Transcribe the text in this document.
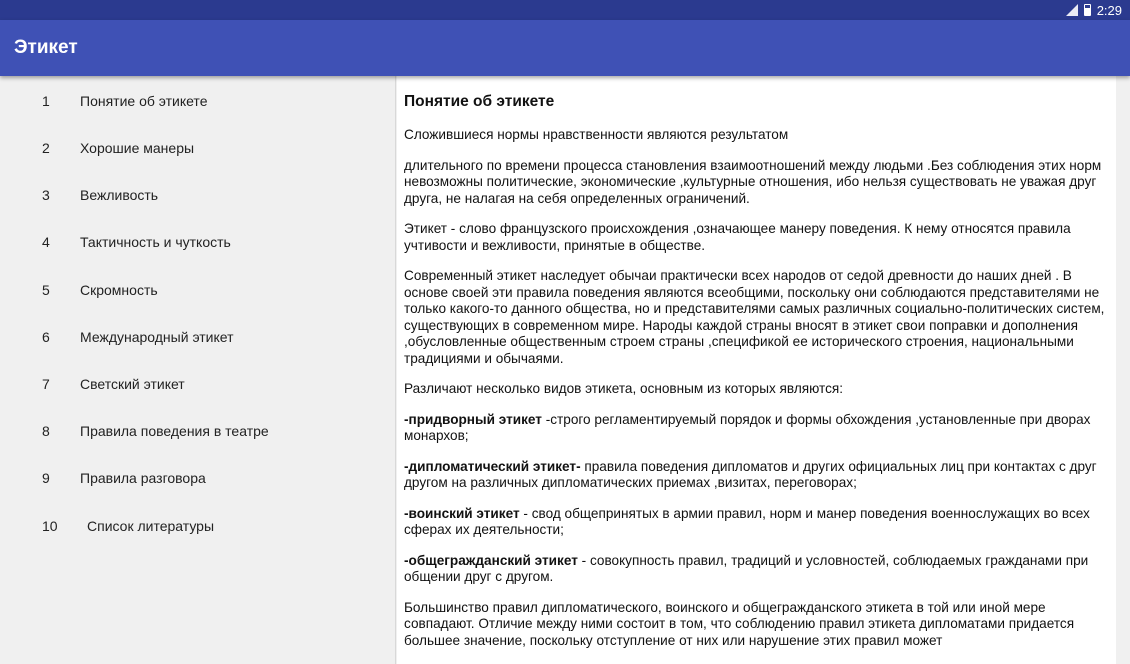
2:29
Этикет
1 Понятие об этикете
2 Хорошие манеры
3 Вежливость
4 Тактичность и чуткость
5 Скромность
6 Международный этикет
7 Светский этикет
8 Правила поведения в театре
9 Правила разговора
10 Список литературы
Понятие об этикете

Сложившиеся нормы нравственности являются результатом

длительного по времени процесса становления взаимоотношений между людьми .Без соблюдения этих норм невозможны политические, экономические ,культурные отношения, ибо нельзя существовать не уважая друг друга, не налагая на себя определенных ограничений.

Этикет - слово французского происхождения ,означающее манеру поведения. К нему относятся правила учтивости и вежливости, принятые в обществе.

Современный этикет наследует обычаи практически всех народов от седой древности до наших дней . В основе своей эти правила поведения являются всеобщими, поскольку они соблюдаются представителями не только какого-то данного общества, но и представителями самых различных социально-политических систем, существующих в современном мире. Народы каждой страны вносят в этикет свои поправки и дополнения ,обусловленные общественным строем страны ,спецификой ее исторического строения, национальными традициями и обычаями.

Различают несколько видов этикета, основным из которых являются:

-придворный этикет -строго регламентируемый порядок и формы обхождения ,установленные при дворах монархов;

-дипломатический этикет- правила поведения дипломатов и других официальных лиц при контактах с друг другом на различных дипломатических приемах ,визитах, переговорах;

-воинский этикет - свод общепринятых в армии правил, норм и манер поведения военнослужащих во всех сферах их деятельности;

-общегражданский этикет - совокупность правил, традиций и условностей, соблюдаемых гражданами при общении друг с другом.

Большинство правил дипломатического, воинского и общегражданского этикета в той или иной мере совпадают. Отличие между ними состоит в том, что соблюдению правил этикета дипломатами придается большее значение, поскольку отступление от них или нарушение этих правил может
